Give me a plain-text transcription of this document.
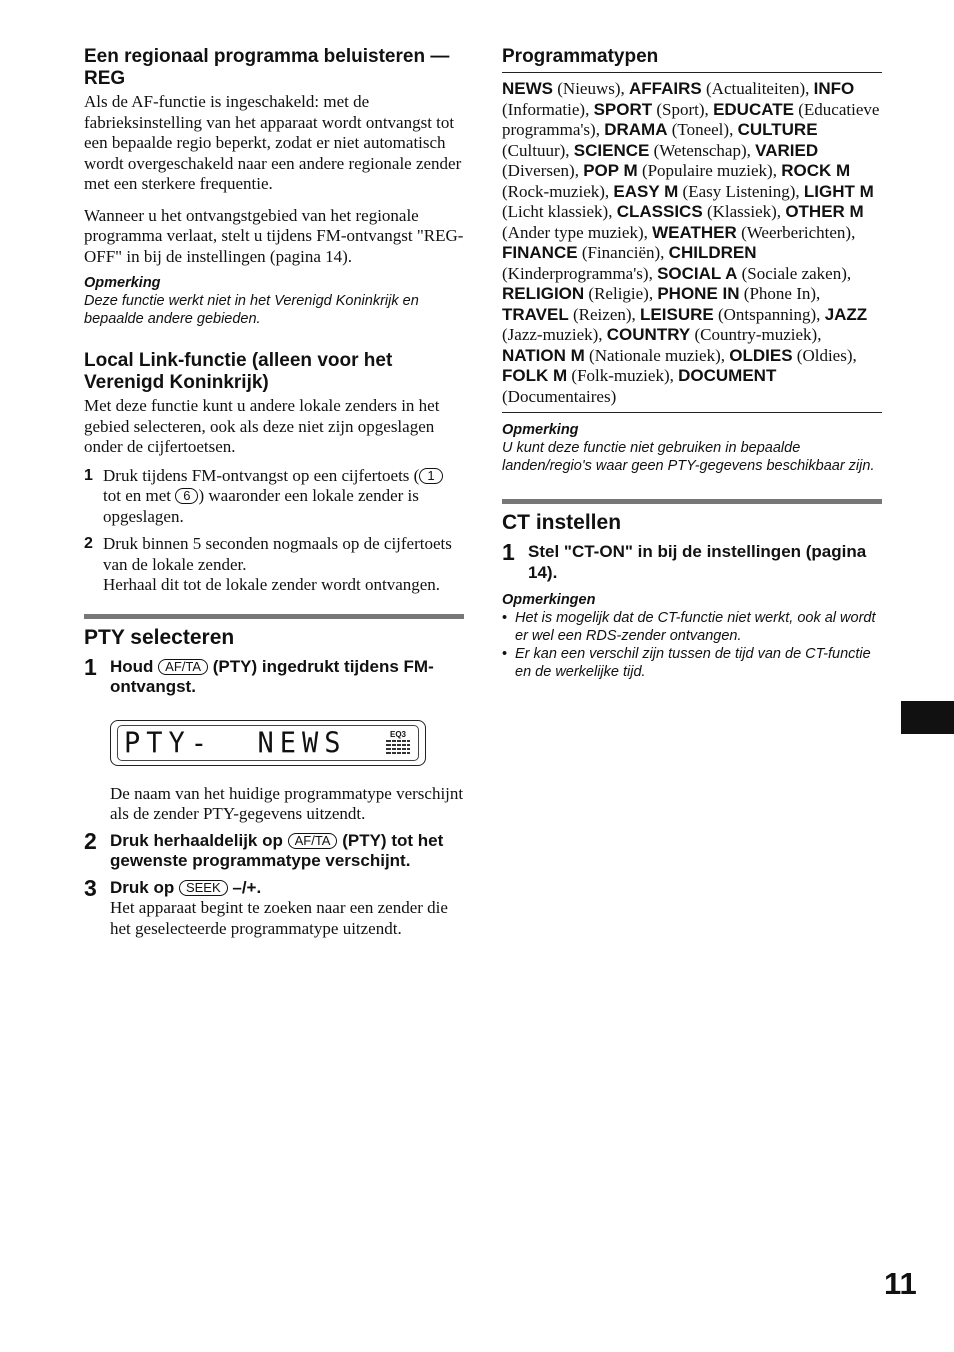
Een regionaal programma beluisteren — REG

Als de AF-functie is ingeschakeld: met de fabrieksinstelling van het apparaat wordt ontvangst tot een bepaalde regio beperkt, zodat er niet automatisch wordt overgeschakeld naar een andere regionale zender met een sterkere frequentie.

Wanneer u het ontvangstgebied van het regionale programma verlaat, stelt u tijdens FM-ontvangst "REG-OFF" in bij de instellingen (pagina 14).

Opmerking
Deze functie werkt niet in het Verenigd Koninkrijk en bepaalde andere gebieden.
Local Link-functie (alleen voor het Verenigd Koninkrijk)

Met deze functie kunt u andere lokale zenders in het gebied selecteren, ook als deze niet zijn opgeslagen onder de cijfertoetsen.

1 Druk tijdens FM-ontvangst op een cijfertoets ( 1 tot en met 6 ) waaronder een lokale zender is opgeslagen.
2 Druk binnen 5 seconden nogmaals op de cijfertoets van de lokale zender.
Herhaal dit tot de lokale zender wordt ontvangen.
PTY selecteren
1 Houd AF/TA (PTY) ingedrukt tijdens FM-ontvangst.
PTY-  NEWS	EQ3

De naam van het huidige programmatype verschijnt als de zender PTY-gegevens uitzendt.

2 Druk herhaaldelijk op AF/TA (PTY) tot het gewenste programmatype verschijnt.
3 Druk op SEEK –/+.
Het apparaat begint te zoeken naar een zender die het geselecteerde programmatype uitzendt.
Programmatypen
NEWS (Nieuws), AFFAIRS (Actualiteiten), INFO (Informatie), SPORT (Sport), EDUCATE (Educatieve programma's), DRAMA (Toneel), CULTURE (Cultuur), SCIENCE (Wetenschap), VARIED (Diversen), POP M (Populaire muziek), ROCK M (Rock-muziek), EASY M (Easy Listening), LIGHT M (Licht klassiek), CLASSICS (Klassiek), OTHER M (Ander type muziek), WEATHER (Weerberichten), FINANCE (Financiën), CHILDREN (Kinderprogramma's), SOCIAL A (Sociale zaken), RELIGION (Religie), PHONE IN (Phone In), TRAVEL (Reizen), LEISURE (Ontspanning), JAZZ (Jazz-muziek), COUNTRY (Country-muziek), NATION M (Nationale muziek), OLDIES (Oldies), FOLK M (Folk-muziek), DOCUMENT (Documentaires)
Opmerking
U kunt deze functie niet gebruiken in bepaalde landen/regio's waar geen PTY-gegevens beschikbaar zijn.
CT instellen
1 Stel "CT-ON" in bij de instellingen (pagina 14).
Opmerkingen
• Het is mogelijk dat de CT-functie niet werkt, ook al wordt er wel een RDS-zender ontvangen.
• Er kan een verschil zijn tussen de tijd van de CT-functie en de werkelijke tijd.
11
